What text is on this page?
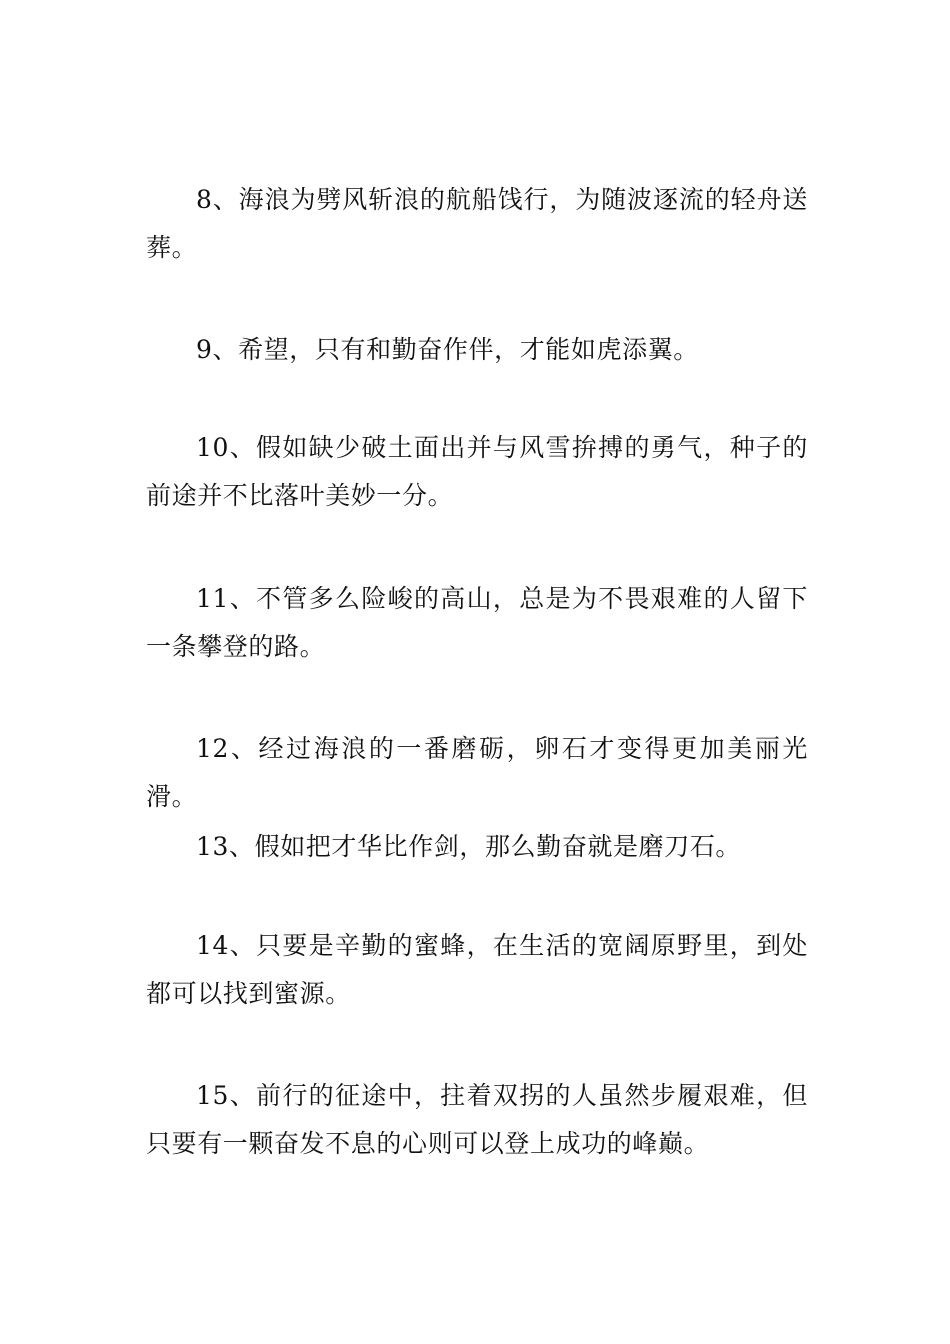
8、海浪为劈风斩浪的航船饯行，为随波逐流的轻舟送葬。

9、希望，只有和勤奋作伴，才能如虎添翼。

10、假如缺少破土面出并与风雪拚搏的勇气，种子的前途并不比落叶美妙一分。

11、不管多么险峻的高山，总是为不畏艰难的人留下一条攀登的路。

12、经过海浪的一番磨砺，卵石才变得更加美丽光滑。

13、假如把才华比作剑，那么勤奋就是磨刀石。

14、只要是辛勤的蜜蜂，在生活的宽阔原野里，到处都可以找到蜜源。

15、前行的征途中，拄着双拐的人虽然步履艰难，但只要有一颗奋发不息的心则可以登上成功的峰巅。
